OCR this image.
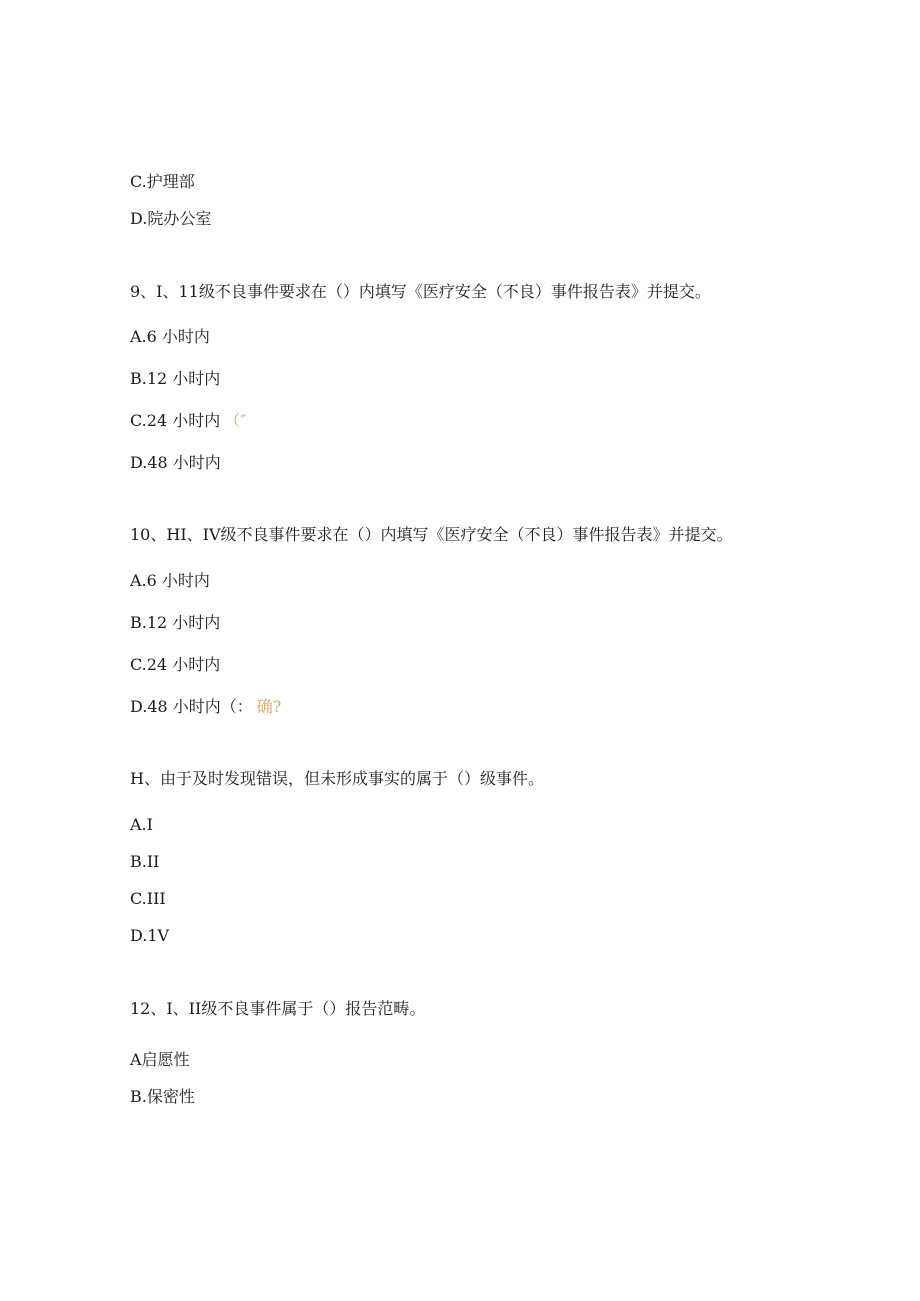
C.护理部
D.院办公室
9、I、11级不良事件要求在（）内填写《医疗安全（不良）事件报告表》并提交。
A.6 小时内
B.12 小时内
C.24 小时内 （″
D.48 小时内
10、HI、IV级不良事件要求在（）内填写《医疗安全（不良）事件报告表》并提交。
A.6 小时内
B.12 小时内
C.24 小时内
D.48 小时内（： 确?
H、由于及时发现错误，但未形成事实的属于（）级事件。
A.I
B.II
C.III
D.1V
12、I、II级不良事件属于（）报告范畴。
A启愿性
B.保密性
